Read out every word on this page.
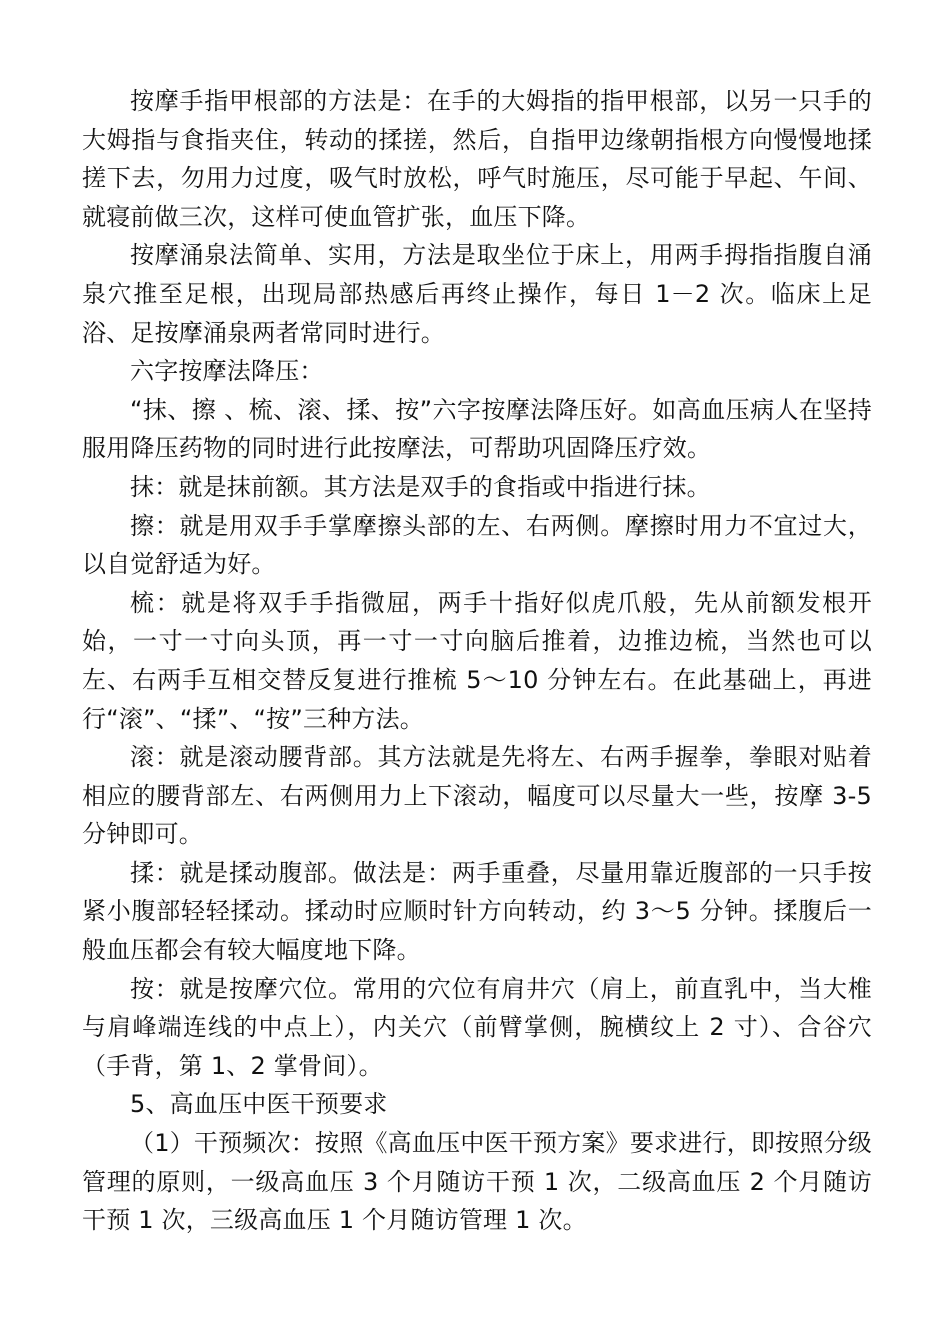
按摩手指甲根部的方法是：在手的大姆指的指甲根部，以另一只手的大姆指与食指夹住，转动的揉搓，然后，自指甲边缘朝指根方向慢慢地揉搓下去，勿用力过度，吸气时放松，呼气时施压，尽可能于早起、午间、就寝前做三次，这样可使血管扩张，血压下降。

按摩涌泉法简单、实用，方法是取坐位于床上，用两手拇指指腹自涌泉穴推至足根，出现局部热感后再终止操作，每日 1－2 次。临床上足浴、足按摩涌泉两者常同时进行。

六字按摩法降压：

“抹、擦 、梳、滚、揉、按”六字按摩法降压好。如高血压病人在坚持服用降压药物的同时进行此按摩法，可帮助巩固降压疗效。

抹：就是抹前额。其方法是双手的食指或中指进行抹。

擦：就是用双手手掌摩擦头部的左、右两侧。摩擦时用力不宜过大，以自觉舒适为好。

梳：就是将双手手指微屈，两手十指好似虎爪般，先从前额发根开始，一寸一寸向头顶，再一寸一寸向脑后推着，边推边梳，当然也可以左、右两手互相交替反复进行推梳 5～10 分钟左右。在此基础上，再进行“滚”、“揉”、“按”三种方法。

滚：就是滚动腰背部。其方法就是先将左、右两手握拳，拳眼对贴着相应的腰背部左、右两侧用力上下滚动，幅度可以尽量大一些，按摩 3-5 分钟即可。

揉：就是揉动腹部。做法是：两手重叠，尽量用靠近腹部的一只手按紧小腹部轻轻揉动。揉动时应顺时针方向转动，约 3～5 分钟。揉腹后一般血压都会有较大幅度地下降。

按：就是按摩穴位。常用的穴位有肩井穴（肩上，前直乳中，当大椎与肩峰端连线的中点上），内关穴（前臂掌侧，腕横纹上 2 寸）、合谷穴（手背，第 1、2 掌骨间）。

5、高血压中医干预要求

（1）干预频次：按照《高血压中医干预方案》要求进行，即按照分级管理的原则，一级高血压 3 个月随访干预 1 次，二级高血压 2 个月随访干预 1 次，三级高血压 1 个月随访管理 1 次。
